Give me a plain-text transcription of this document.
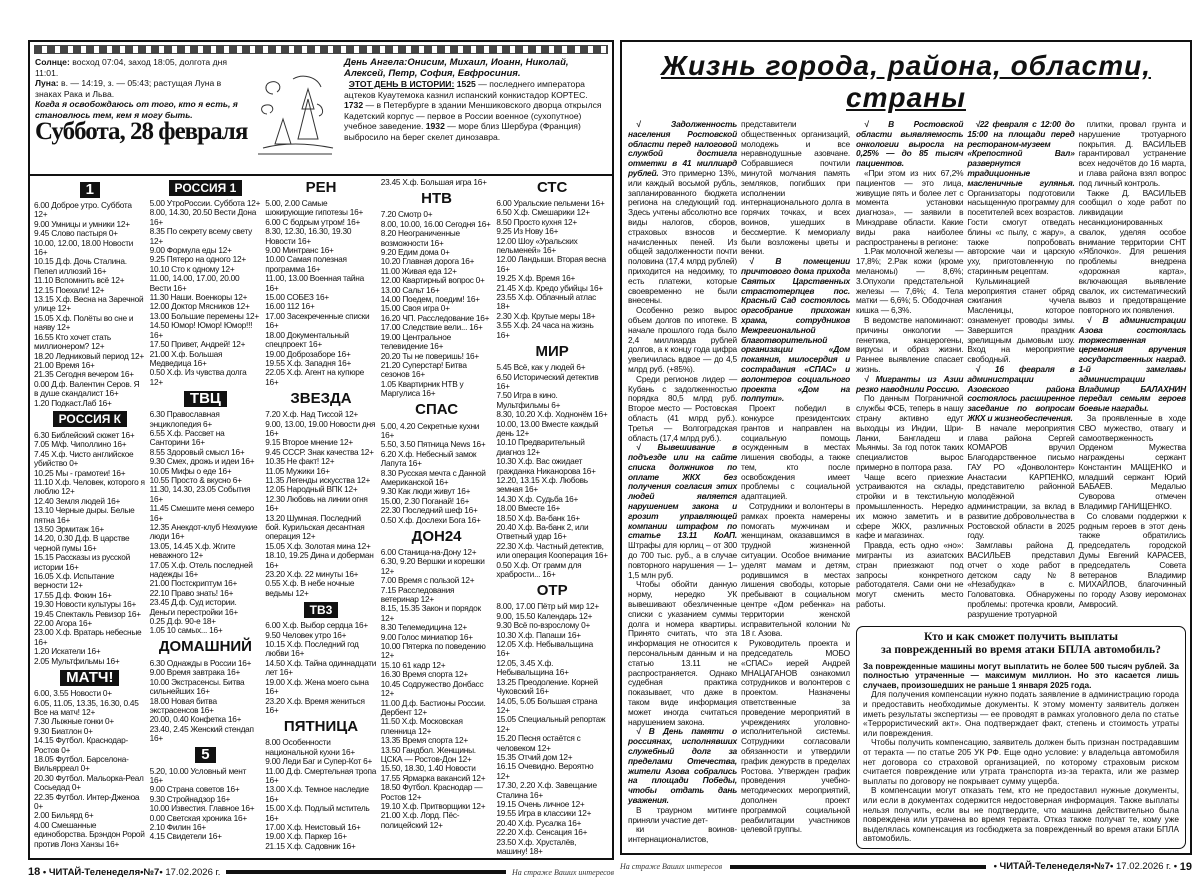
Солнце: восход 07:04, заход 18:05, долгота дня 11:01.
Луна: в. — 14:19, з. — 05:43; растущая Луна в знаках Рака и Льва.
Когда я освобождаюсь от того, кто я есть, я становлюсь тем, кем я могу быть.
Суббота, 28 февраля
День Ангела:Онисим, Михаил, Иоанн, Николай, Алексей, Петр, София, Евфросиния.
ЭТОТ ДЕНЬ В ИСТОРИИ: 1525 — последнего императора ацтеков Куаутемока казнил испанский конкистадор КОРТЕС. 1732 — в Петербурге в здании Меншиковского дворца открылся Кадетский корпус — первое в России военное (сухопутное) учебное заведение. 1932 — море близ Шербура (Франция) выбросило на берег скелет динозавра.
1
6.00 Доброе утро. Суббота 12+
9.00 Умницы и умники 12+
9.45 Слово пастыря 0+
10.00, 12.00, 18.00 Новости 16+
10.15 Д.ф. Дочь Сталина. Пепел иллюзий 16+
11.10 Вспомнить всё 12+
12.15 Поехали! 12+
13.15 Х.ф. Весна на Заречной улице 12+
15.05 Х.ф. Полёты во сне и наяву 12+
16.55 Кто хочет стать миллионером? 12+
18.20 Ледниковый период 12+
21.00 Время 16+
21.35 Сегодня вечером 16+
0.00 Д.ф. Валентин Серов. Я в душе скандалист 16+
1.20 Подкаст.Лаб 16+
РОССИЯ К
6.30 Библейский сюжет 16+
7.05 М/ф. Чиполлино 16+
7.45 Х.ф. Чисто английское убийство 0+
10.25 Мы - грамотеи! 16+
11.10 Х.ф. Человек, которого я люблю 12+
12.40 Земля людей 16+
13.10 Черные дыры. Белые пятна 16+
13.50 Эрмитаж 16+
14.20, 0.30 Д.ф. В царстве черной пумы 16+
15.15 Рассказы из русской истории 16+
16.05 Х.ф. Испытание верности 12+
17.55 Д.ф. Фокин 16+
19.30 Новости культуры 16+
19.45 Спектакль Ревизор 16+
22.00 Агора 16+
23.00 Х.ф. Вратарь небесные 16+
1.20 Искатели 16+
2.05 Мультфильмы 16+
МАТЧ!
6.00, 3.55 Новости 0+
6.05, 11.05, 13.35, 16.30, 0.45 Все на матч! 12+
7.30 Лыжные гонки 0+
9.30 Биатлон 0+
14.15 Футбол. Краснодар-Ростов 0+
18.05 Футбол. Барселона-Вильярреал 0+
20.30 Футбол. Мальорка-Реал Сосьедад 0+
22.35 Футбол. Интер-Дженоа 0+
2.00 Бильярд 6+
4.00 Смешанные единоборства. Брэндон Ророй против Лонз Ханзы 16+
РОССИЯ 1
5.00 УтроРоссии. Суббота 12+
8.00, 14.30, 20.50 Вести Дона 16+
8.35 По секрету всему свету 12+
9.00 Формула еды 12+
9.25 Пятеро на одного 12+
10.10 Сто к одному 12+
11.00, 14.00, 17.00, 20.00 Вести 16+
11.30 Наши. Военкоры 12+
12.00 Доктор Мясников 12+
13.00 Большие перемены 12+
14.50 Юмор! Юмор! Юмор!!! 16+
17.50 Привет, Андрей! 12+
21.00 Х.ф. Большая Медведица 16+
0.50 Х.ф. Из чувства долга 12+
ТВЦ
6.30 Православная энциклопедия 6+
6.55 Х.ф. Рассвет на Санторини 16+
8.55 Здоровый смысл 16+
9.30 Смех, дрожь и идеи 16+
10.05 Мифы о еде 16+
10.55 Просто & вкусно 6+
11.30, 14.30, 23.05 События 16+
11.45 Смешите меня семеро 16+
12.35 Анекдот-клуб Нехмукие люди 16+
13.05, 14.45 Х.ф. Жгите неважного 12+
17.05 Х.ф. Отель последней надежды 16+
21.00 Постскриптум 16+
22.10 Право знать! 16+
23.45 Д.ф. Суд истории. Деньги перестройки 16+
0.25 Д.ф. 90-е 18+
1.05 10 самых... 16+
ДОМАШНИЙ
6.30 Однажды в России 16+
9.00 Время завтрака 16+
10.00 Экстрасенсы. Битва сильнейших 16+
18.00 Новая битва экстрасенсов 16+
20.00, 0.40 Конфетка 16+
23.40, 2.45 Женский стендап 16+
5
5.20, 10.00 Условный мент 16+
9.00 Страна советов 16+
9.30 Стройнадзор 16+
10.00 Известия. Главное 16+
0.00 Светская хроника 16+
2.10 Филин 16+
4.15 Свидетели 16+
РЕН
5.00, 2.00 Самые шокирующие гипотезы 16+
6.00 С бодрым утром! 16+
8.30, 12.30, 16.30, 19.30 Новости 16+
9.00 Минтранс 16+
10.00 Самая полезная программа 16+
11.00, 13.00 Военная тайна 16+
15.00 СОБЕЗ 16+
16.00 112 16+
17.00 Засекреченные списки 16+
18.00 Документальный спецпроект 16+
19.00 Доброзаборе 16+
19.55 Х.ф. Западня 16+
22.05 Х.ф. Агент на купюре 16+
ЗВЕЗДА
7.20 Х.ф. Над Тиссой 12+
9.00, 13.00, 19.00 Новости дня 16+
9.15 Второе мнение 12+
9.45 СССР. Знак качества 12+
10.35 Не факт! 12+
11.05 Мужики 16+
11.35 Легенды искусства 12+
12.05 Народный ВПК 12+
12.30 Любовь на линии огня 16+
13.20 Шумная. Последний бой. Курильская десантная операция 12+
15.05 Х.ф. Золотая мина 12+
18.10, 19.25 Дина и доберман 16+
23.20 Х.ф. 22 минуты 16+
0.55 Х.ф. В небе ночные ведьмы 12+
ТВ3
6.00 Х.ф. Выбор сердца 16+
9.50 Человек утро 16+
10.15 Х.ф. Последний год любви 16+
14.50 Х.ф. Тайна одиннадцати лет 16+
19.00 Х.ф. Жена моего сына 16+
23.20 Х.ф. Время жениться 16+
ПЯТНИЦА
8.00 Особенности национальной кухни 16+
9.00 Леди Баг и Супер-Кот 6+
11.00 Д.ф. Смертельная тропа 16+
13.00 Х.ф. Темное наследие 16+
15.00 Х.ф. Подлый мститель 16+
17.00 Х.ф. Неистовый 16+
19.00 Х.ф. Паркер 16+
21.15 Х.ф. Садовник 16+
23.45 Х.ф. Большая игра 16+
НТВ
7.20 Смотр 0+
8.00, 10.00, 16.00 Сегодня 16+
8.20 Неограниченные возможности 16+
9.20 Едим дома 0+
10.20 Главная дорога 16+
11.00 Живая еда 12+
12.00 Квартирный вопрос 0+
13.00 Сальт 16+
14.00 Поедем, поедим! 16+
15.00 Своя игра 0+
16.20 ЧП. Расследование 16+
17.00 Следствие вели... 16+
19.00 Центральное телевидение 16+
20.20 Ты не поверишь! 16+
21.20 Суперстар! Битва сезонов 16+
1.05 Квартирник НТВ у Маргулиса 16+
СПАС
5.00, 4.20 Секретные кухни 16+
5.50, 3.50 Пятница News 16+
6.20 Х.ф. Небесный замок Лапута 16+
8.30 Русская мечта с Данной Американской 16+
9.30 Как люди живут 16+
15.00, 2.30 Поганай! 16+
22.30 Последний шеф 16+
0.50 Х.ф. Дослехи Бога 16+
ДОН24
6.00 Станица-на-Дону 12+
6.30, 9.20 Вершки и корешки 12+
7.00 Время с пользой 12+
7.15 Расследования ветеринар 12+
8.15, 15.35 Закон и порядок 12+
8.30 Телемедицина 12+
9.00 Голос миниатюр 16+
10.00 Пятерка по поведению 12+
15.10 61 кадр 12+
16.30 Время спорта 12+
10.45 Содружество Донбасс 12+
11.00 Д.ф. Бастионы России. Дербент 12+
11.50 Х.ф. Московская пленница 12+
13.35 Время спорта 12+
13.50 Гандбол. Женщины. ЦСКА — Ростов-Дон 12+
15.50, 18.30, 1.40 Новости
17.55 Ярмарка вакансий 12+
18.50 Футбол. Краснодар — Ростов 12+
19.10 Х.ф. Притворщики 12+
21.00 Х.ф. Лорд. Пёс-полицейский 12+
СТС
6.00 Уральские пельмени 16+
6.50 Х.ф. Смешарики 12+
8.50 Просто кухня 12+
9.25 Из Нову 16+
12.00 Шоу «Уральских пельменей» 16+
12.00 Ландыши. Вторая весна 16+
19.25 Х.ф. Время 16+
21.45 Х.ф. Кредо убийцы 16+
23.55 Х.ф. Облачный атлас 18+
2.30 Х.ф. Крутые меры 18+
3.55 Х.ф. 24 часа на жизнь 16+
МИР
5.45 Всё, как у людей 6+
6.50 Исторический детектив 16+
7.50 Игра в кино. Мультфильмы 6+
8.30, 10.20 Х.ф. Ходнонём 16+
10.00, 13.00 Вместе каждый день 12+
10.10 Предварительный диагноз 12+
10.30 Х.ф. Вас ожидает гражданка Никанорова 16+
12.20, 13.15 Х.ф. Любовь земная 16+
14.30 Х.ф. Судьба 16+
18.00 Вместе 16+
18.50 Х.ф. Ва-банк 16+
20.40 Х.ф. Ва-банк 2, или Ответный удар 16+
22.30 Х.ф. Частный детектив, или операция Кооперация 16+
0.50 Х.ф. От грамм для храбрости... 16+
ОТР
8.00, 17.00 Пётр ый мир 12+
9.00, 15.50 Календарь 12+
9.30 Всё по-взрослому 0+
10.30 Х.ф. Папаши 16+
12.05 Х.ф. Небывальщина 16+
12.05, 3.45 Х.ф. Небывальщина 16+
13.25 Преодоление. Корней Чуковский 16+
14.05, 5.05 Большая страна 12+
15.05 Специальный репортаж 12+
15.20 Песня остаётся с человеком 12+
15.35 Отчий дом 12+
16.15 Очевидно. Вероятно 12+
17.30, 2.20 Х.ф. Завещание Сталина 16+
19.15 Очень личное 12+
19.55 Игра в классики 12+
20.40 Х.ф. Русалка 16+
22.20 Х.ф. Сенсация 16+
23.50 Х.ф. Хрусталёв, машину! 18+
18
•
ЧИТАЙ-Теленеделя•№7•
17.02.2026 г.	На страже Ваших интересов
Жизнь города, района, области, страны

√ Задолженность населения Ростовской области перед налоговой службой достигла отметки в 41 миллиард рублей. Это примерно 13%, или каждый восьмой рубль, запланированного бюджета региона на следующий год. Здесь учтены абсолютно все виды налогов, сборов, страховых взносов и начисленных пеней. Из общей задолженности почти половина (17,4 млрд рублей) приходится на недоимку, то есть платежи, которые своевременно не были внесены.

Особенно резко вырос объем долгов по ипотеке. В начале прошлого года было 2,4 миллиарда рублей долгов, а к концу года цифра увеличилась вдвое — до 4,5 млрд руб. (+85%).

Среди регионов лидер — Кубань с задолженностью порядка 80,5 млрд руб. Второе место — Ростовская область (41 млрд руб.). Третья — Волгоградская область (17,4 млрд руб.).

√ Вывешивание в подъезде или на сайте списка должников по оплате ЖКХ без получения согласия этих людей является нарушением закона и грозит управляющей компании штрафом по статье 13.11 КоАП. Штрафы для юрлиц – от 300 до 700 тыс. руб., а в случае повторного нарушения — 1–1,5 млн руб.

Чтобы обойти данную норму, нередко УК вывешивают обезличенные списки с указанием суммы долга и номера квартиры. Принято считать, что эта информация не относится к персональным данным и на статью 13.11 не распространяется. Однако судебная практика показывает, что даже в таком виде информация может иногда считаться нарушением закона.

√ В День памяти о россиянах, исполнявших служебный долг за пределами Отечества, жители Азова собрались на площади Победы, чтобы отдать дань уважения.

В траурном митинге приняли участие дет-

ки воинов-интернационалистов, представители общественных организаций, молодежь и все неравнодушные азовчане. Собравшиеся почтили минутой молчания память земляков, погибших при исполнении интернационального долга в горячих точках, и всех воинов, ушедших в бессмертие. К мемориалу были возложены цветы и венки.

√ В помещении причтового дома прихода Святых Царственных страстотерпцев пос. Красный Сад состоялось оргсобрание прихожан храма, сотрудников Межрегиональной благотворительной организации «Дом покаяния, милосердия и сострадания «СПАС» и волонтеров социального проекта «Дом на полпути».

Проект победил в конкурсе президентских грантов и направлен на социальную помощь осужденным в местах лишения свободы, а также тем, кто после освобождения имеет проблемы с социальной адаптацией.

Сотрудники и волонтеры в рамках проекта намерены помогать мужчинам и женщинам, оказавшимся в трудной жизненной ситуации. Особое внимание уделят мамам и детям, родившимся в местах лишения свободы, которые пребывают в социальном центре «Дом ребенка» на территории женской исправительной колонии № 18 г. Азова.

Руководитель проекта и председатель МОБО «СПАС» иерей Андрей МНАЦАГАНОВ ознакомил сотрудников и волонтеров с проектом. Назначены ответственные за проведение мероприятий в учреждениях уголовно-исполнительной системы. Сотрудники согласовали обязанности и утвердили график дежурств в пределах Ростова. Утвержден график проведения учебно-методических мероприятий, дополнен проект программой социальной реабилитации участников целевой группы.

√ В Ростовской области выявляемость онкологии выросла на 0,25% — до 85 тысяч пациентов.

«При этом из них 67,2% пациентов — это лица, живущие пять и более лет с момента установки диагноза», — заявили в Минздраве области. Какие виды рака наиболее распространены в регионе:

1.Рак молочной железы — 17,8%; 2.Рак кожи (кроме меланомы) — 8,6%; 3.Опухоли предстательной железы — 7,6%; 4. Тела матки — 6,6%; 5. Ободочная кишка — 6,3%.

В ведомстве напоминают: причины онкологии — генетика, канцерогены, вирусы и образ жизни. Раннее выявление спасает жизнь.

√ Мигранты из Азии резко наводнили Россию.

По данным Пограничной службы ФСБ, теперь в нашу страну активно едут выходцы из Индии, Шри-Ланки, Бангладеш и Мьянмы. За год поток таких специалистов вырос примерно в полтора раза.

Чаще всего приезжие устраиваются на склады, стройки и в текстильную промышленность. Нередко их можно заметить и в сфере ЖКХ, различных кафе и магазинах.

Правда, есть одно «но»: мигранты из азиатских стран приезжают под запросы конкретного работодателя. Сами они не могут сменить место работы.

√22 февраля с 12:00 до 15:00 на площади перед рестораном-музеем «Крепостной Вал» развернутся традиционные масленичные гулянья. Организаторы подготовили насыщенную программу для посетителей всех возрастов. Гости смогут отведать блины «с пылу, с жару», а также попробовать авторские чаи и царскую уху, приготовленную по старинным рецептам.

Кульминацией мероприятия станет обряд сжигания чучела Масленицы, которое ознаменует проводы зимы. Завершится праздник зрелищным дымовым шоу. Вход на мероприятие свободный.

√ 16 февраля в администрации Азовского района состоялось расширенное заседание по вопросам ЖКХ и жизнеобеспечения.

В начале мероприятия глава района Сергей КОМАРОВ вручил Благодарственное письмо ГАУ РО «Донволонтер» Анастасии КАРПЕНКО, представителю районной молодёжной администрации, за вклад в развитие добровольчества в Ростовской области в 2025 году.

Замглавы района Д. ВАСИЛЬЕВ представил отчет о ходе работ в детском саду №8 «Незабудка» в с. Головатовка. Обнаружены проблемы: протечка кровли, разрушение тротуарной

плитки, провал грунта и нарушение тротуарного покрытия. Д. ВАСИЛЬЕВ гарантировал устранение всех недочётов до 16 марта, и глава района взял вопрос под личный контроль.

Также Д. ВАСИЛЬЕВ сообщил о ходе работ по ликвидации несанкционированных свалок, уделяя особое внимание территории СНТ «Яблочко». Для решения проблемы внедрена «дорожная карта», включающая выявление свалок, их систематический вывоз и предотвращение повторного их появления.

√ В администрации Азова состоялась торжественная церемония вручения государственных наград. 1-й замглавы администрации Владимир БАЛАХНИН передал семьям героев боевые награды.

За проявленные в ходе СВО мужество, отвагу и самоотверженность Орденом Мужества награждены сержант Константин МАЩЕНКО и младший сержант Юрий БАБАЕВ. Медалью Суворова отмечен Владимир ГАНИЩЕНКО.

Со словами поддержки к родным героев в этот день также обратились председатель городской Думы Евгений КАРАСЕВ, председатель Совета ветеранов Владимир МИХАЙЛОВ, благочинный по городу Азову иеромонах Амвросий.

Кто и как сможет получить выплаты
за поврежденный во время атаки БПЛА автомобиль?
За поврежденные машины могут выплатить не более 500 тысяч рублей. За полностью утраченные — максимум миллион. Но это касается лишь случаев, произошедших не раньше 1 января 2025 года.

Для получения компенсации нужно подать заявление в администрацию города и предоставить необходимые документы. К этому моменту заявитель должен иметь результаты экспертизы — ее проводят в рамках уголовного дела по статье «Террористический акт». Она подтверждает факт, степень и стоимость утраты или повреждения.

Чтобы получить компенсацию, заявитель должен быть признан пострадавшим от теракта — по статье 205 УК РФ. Еще одно условие: у владельца автомобиля нет договора со страховой организацией, по которому страховым риском считается повреждение или утрата транспорта из-за теракта, или же размер выплаты по договору не покрывает сумму ущерба.

В компенсации могут отказать тем, кто не предоставил нужные документы, или если в документах содержится недостоверная информация. Также выплаты нельзя получить, если вы не подтвердите, что машина действительно была повреждена или утрачена во время теракта. Отказ также получат те, кому уже выделялась компенсация из госбюджета за поврежденный во время атаки БПЛА автомобиль.

На страже Ваших интересов	•
ЧИТАЙ-Теленеделя•№7•
17.02.2026 г.
•
19
